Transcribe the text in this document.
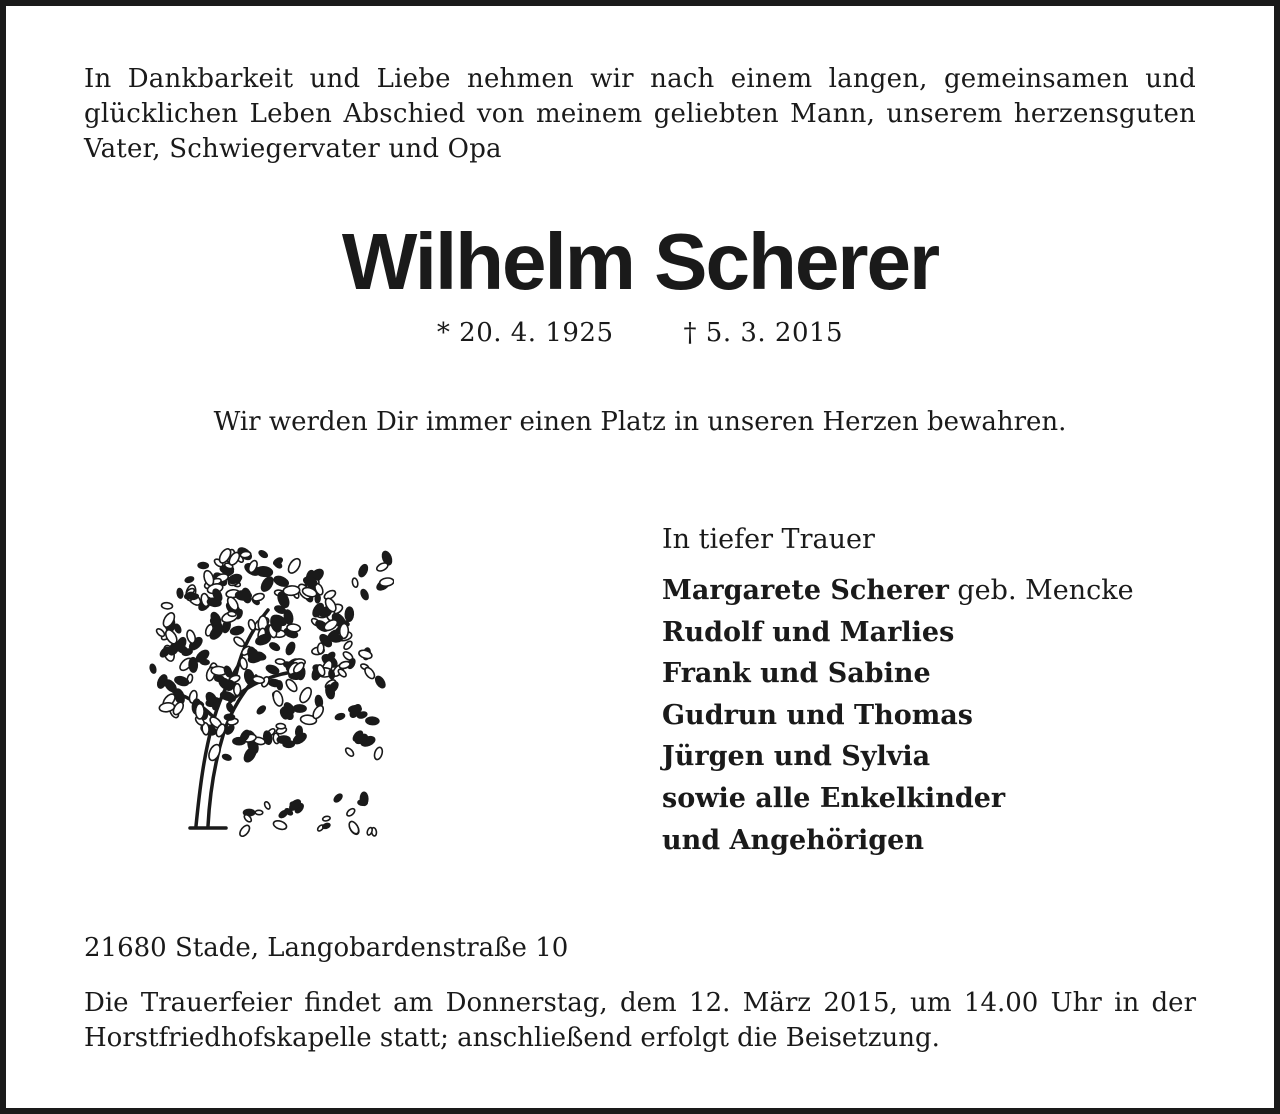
In Dankbarkeit und Liebe nehmen wir nach einem langen, gemeinsamen und glücklichen Leben Abschied von meinem geliebten Mann, unserem herzensguten Vater, Schwiegervater und Opa
Wilhelm Scherer
* 20. 4. 1925	† 5. 3. 2015
Wir werden Dir immer einen Platz in unseren Herzen bewahren.
In tiefer Trauer
Margarete Scherer geb. Mencke
Rudolf und Marlies
Frank und Sabine
Gudrun und Thomas
Jürgen und Sylvia
sowie alle Enkelkinder
und Angehörigen
21680 Stade, Langobardenstraße 10
Die Trauerfeier findet am Donnerstag, dem 12. März 2015, um 14.00 Uhr in der Horstfriedhofskapelle statt; anschließend erfolgt die Beisetzung.
